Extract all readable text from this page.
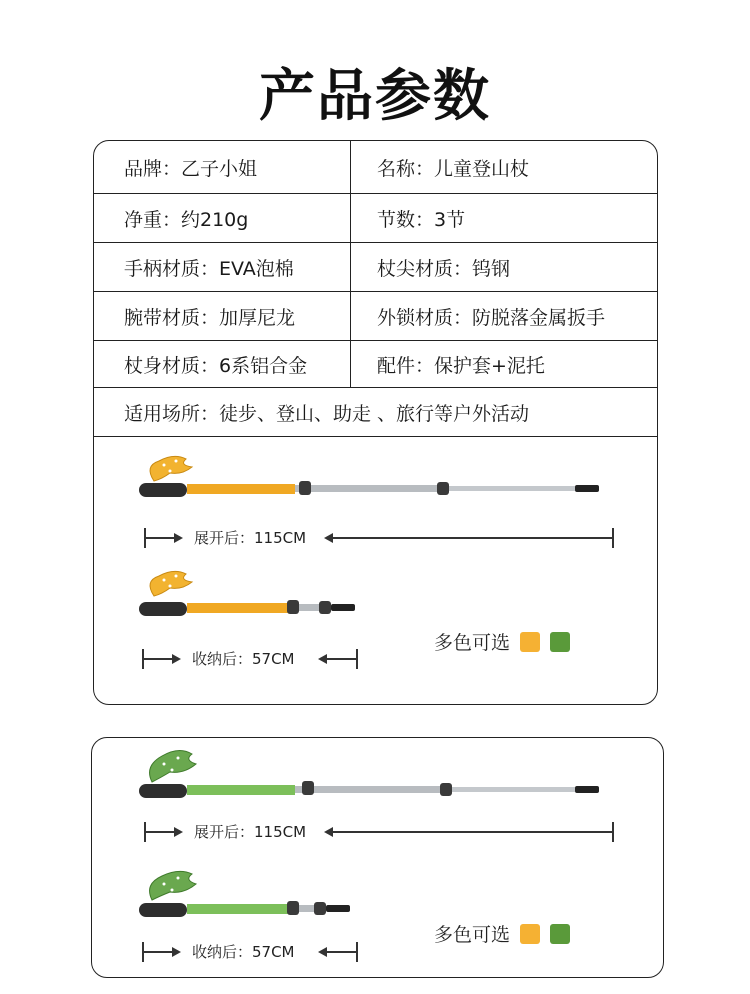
产品参数
品牌：乙子小姐	名称：儿童登山杖
净重：约210g	节数：3节
手柄材质：EVA泡棉	杖尖材质：钨钢
腕带材质：加厚尼龙	外锁材质：防脱落金属扳手
杖身材质：6系铝合金	配件：保护套+泥托
适用场所：徒步、登山、助走 、旅行等户外活动
展开后：115CM
收纳后：57CM
多色可选
展开后：115CM
收纳后：57CM
多色可选
